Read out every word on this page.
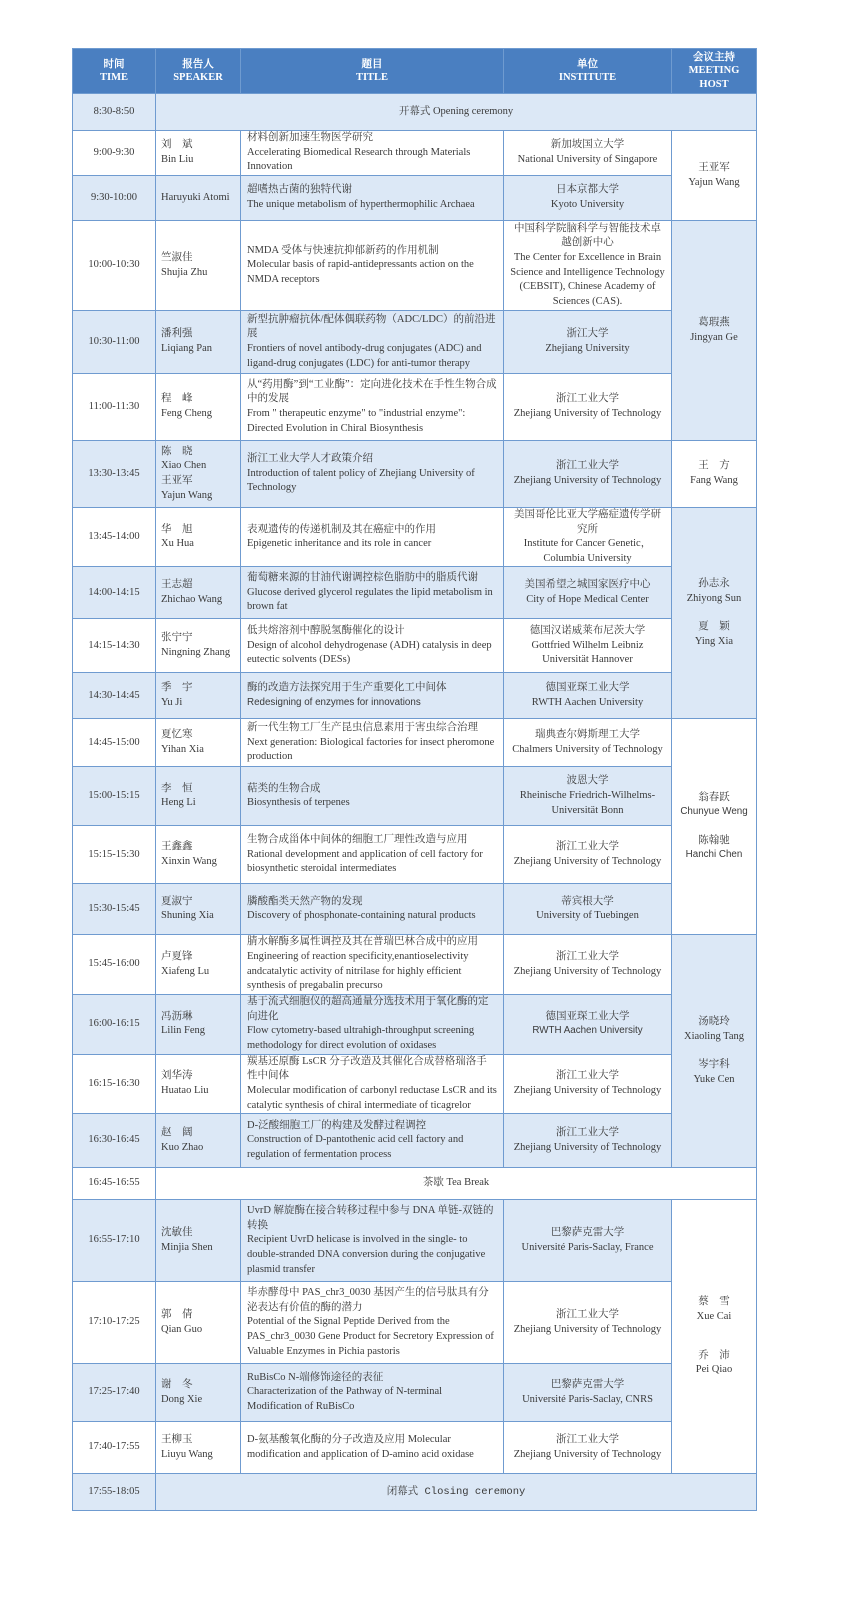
时间
TIME	报告人
SPEAKER	题目
TITLE	单位
INSTITUTE	会议主持
MEETING
HOST

8:30-8:50	开幕式 Opening ceremony			
9:00-9:30	刘　斌
Bin Liu	材料创新加速生物医学研究
Accelerating Biomedical Research through Materials Innovation	新加坡国立大学
National University of Singapore	王亚军
Yajun Wang

9:30-10:00	Haruyuki Atomi	超嗜热古菌的独特代谢
The unique metabolism of hyperthermophilic Archaea	日本京都大学
Kyoto University	

10:00-10:30	竺淑佳
Shujia Zhu	NMDA 受体与快速抗抑郁新药的作用机制
Molecular basis of rapid-antidepressants action on the NMDA receptors	中国科学院脑科学与智能技术卓越创新中心
The Center for Excellence in Brain Science and Intelligence Technology (CEBSIT), Chinese Academy of Sciences (CAS).	葛瑕燕
Jingyan Ge

10:30-11:00	潘利强
Liqiang Pan	新型抗肿瘤抗体/配体偶联药物（ADC/LDC）的前沿进展
Frontiers of novel antibody-drug conjugates (ADC) and ligand-drug conjugates (LDC) for anti-tumor therapy	浙江大学
Zhejiang University	

11:00-11:30	程　峰
Feng Cheng	从“药用酶”到“工业酶”：定向进化技术在手性生物合成中的发展
From " therapeutic enzyme" to "industrial enzyme": Directed Evolution in Chiral Biosynthesis	浙江工业大学
Zhejiang University of Technology	

13:30-13:45	陈　晓
Xiao Chen
王亚军
Yajun Wang	浙江工业大学人才政策介绍
Introduction of talent policy of Zhejiang University of Technology	浙江工业大学
Zhejiang University of Technology	王　方
Fang Wang

13:45-14:00	华　旭
Xu Hua	表观遗传的传递机制及其在癌症中的作用
Epigenetic inheritance and its role in cancer	美国哥伦比亚大学癌症遗传学研究所
Institute for Cancer Genetic， Columbia University	孙志永
Zhiyong Sun
夏　颖
Ying Xia

14:00-14:15	王志超
Zhichao Wang	葡萄糖来源的甘油代谢调控棕色脂肪中的脂质代谢
Glucose derived glycerol regulates the lipid metabolism in brown fat	美国希望之城国家医疗中心
City of Hope Medical Center	

14:15-14:30	张宁宁
Ningning Zhang	低共熔溶剂中醇脱氢酶催化的设计
Design of alcohol dehydrogenase (ADH) catalysis in deep eutectic solvents (DESs)	德国汉诺威莱布尼茨大学
Gottfried Wilhelm Leibniz Universität Hannover	

14:30-14:45	季　宇
Yu Ji	酶的改造方法探究用于生产重要化工中间体
Redesigning of enzymes for innovations	德国亚琛工业大学
RWTH Aachen University	

14:45-15:00	夏忆寒
Yihan Xia	新一代生物工厂生产昆虫信息素用于害虫综合治理
Next generation: Biological factories for insect pheromone production	瑞典查尔姆斯理工大学
Chalmers University of Technology	翁春跃
Chunyue Weng
陈翰驰
Hanchi Chen

15:00-15:15	李　恒
Heng Li	萜类的生物合成
Biosynthesis of terpenes	波恩大学
Rheinische Friedrich-Wilhelms-Universität Bonn	

15:15-15:30	王鑫鑫
Xinxin Wang	生物合成甾体中间体的细胞工厂理性改造与应用
Rational development and application of cell factory for biosynthetic steroidal intermediates	浙江工业大学
Zhejiang University of Technology	

15:30-15:45	夏淑宁
Shuning Xia	膦酸酯类天然产物的发现
Discovery of phosphonate-containing natural products	蒂宾根大学
University of Tuebingen	

15:45-16:00	卢夏锋
Xiafeng Lu	腈水解酶多属性调控及其在普瑞巴林合成中的应用
Engineering of reaction specificity,enantioselectivity andcatalytic activity of nitrilase for highly efficient synthesis of pregabalin precurso	浙江工业大学
Zhejiang University of Technology	汤晓玲
Xiaoling Tang
岑宇科
Yuke Cen

16:00-16:15	冯沥琳
Lilin Feng	基于流式细胞仪的超高通量分选技术用于氧化酶的定向进化
Flow cytometry-based ultrahigh-throughput screening methodology for direct evolution of oxidases	德国亚琛工业大学
RWTH Aachen University	

16:15-16:30	刘华涛
Huatao Liu	羰基还原酶 LsCR 分子改造及其催化合成替格瑞洛手性中间体
Molecular modification of carbonyl reductase LsCR and its catalytic synthesis of chiral intermediate of ticagrelor	浙江工业大学
Zhejiang University of Technology	

16:30-16:45	赵　阔
Kuo Zhao	D-泛酸细胞工厂的构建及发酵过程调控
Construction of D-pantothenic acid cell factory and regulation of fermentation process	浙江工业大学
Zhejiang University of Technology	

16:45-16:55	茶歇 Tea Break			
16:55-17:10	沈敏佳
Minjia Shen	UvrD 解旋酶在接合转移过程中参与 DNA 单链-双链的转换
Recipient UvrD helicase is involved in the single- to double-stranded DNA conversion during the conjugative plasmid transfer	巴黎萨克雷大学
Université Paris-Saclay, France	蔡　雪
Xue Cai
乔　沛
Pei Qiao

17:10-17:25	郭　倩
Qian Guo	毕赤酵母中 PAS_chr3_0030 基因产生的信号肽具有分泌表达有价值的酶的潜力
Potential of the Signal Peptide Derived from the PAS_chr3_0030 Gene Product for Secretory Expression of Valuable Enzymes in Pichia pastoris	浙江工业大学
Zhejiang University of Technology	

17:25-17:40	谢　冬
Dong Xie	RuBisCo N-端修饰途径的表征
Characterization of the Pathway of N-terminal Modification of RuBisCo	巴黎萨克雷大学
Université Paris-Saclay, CNRS	

17:40-17:55	王柳玉
Liuyu Wang	D-氨基酸氧化酶的分子改造及应用 Molecular modification and application of D-amino acid oxidase	浙江工业大学
Zhejiang University of Technology	

17:55-18:05	闭幕式 Closing ceremony			
